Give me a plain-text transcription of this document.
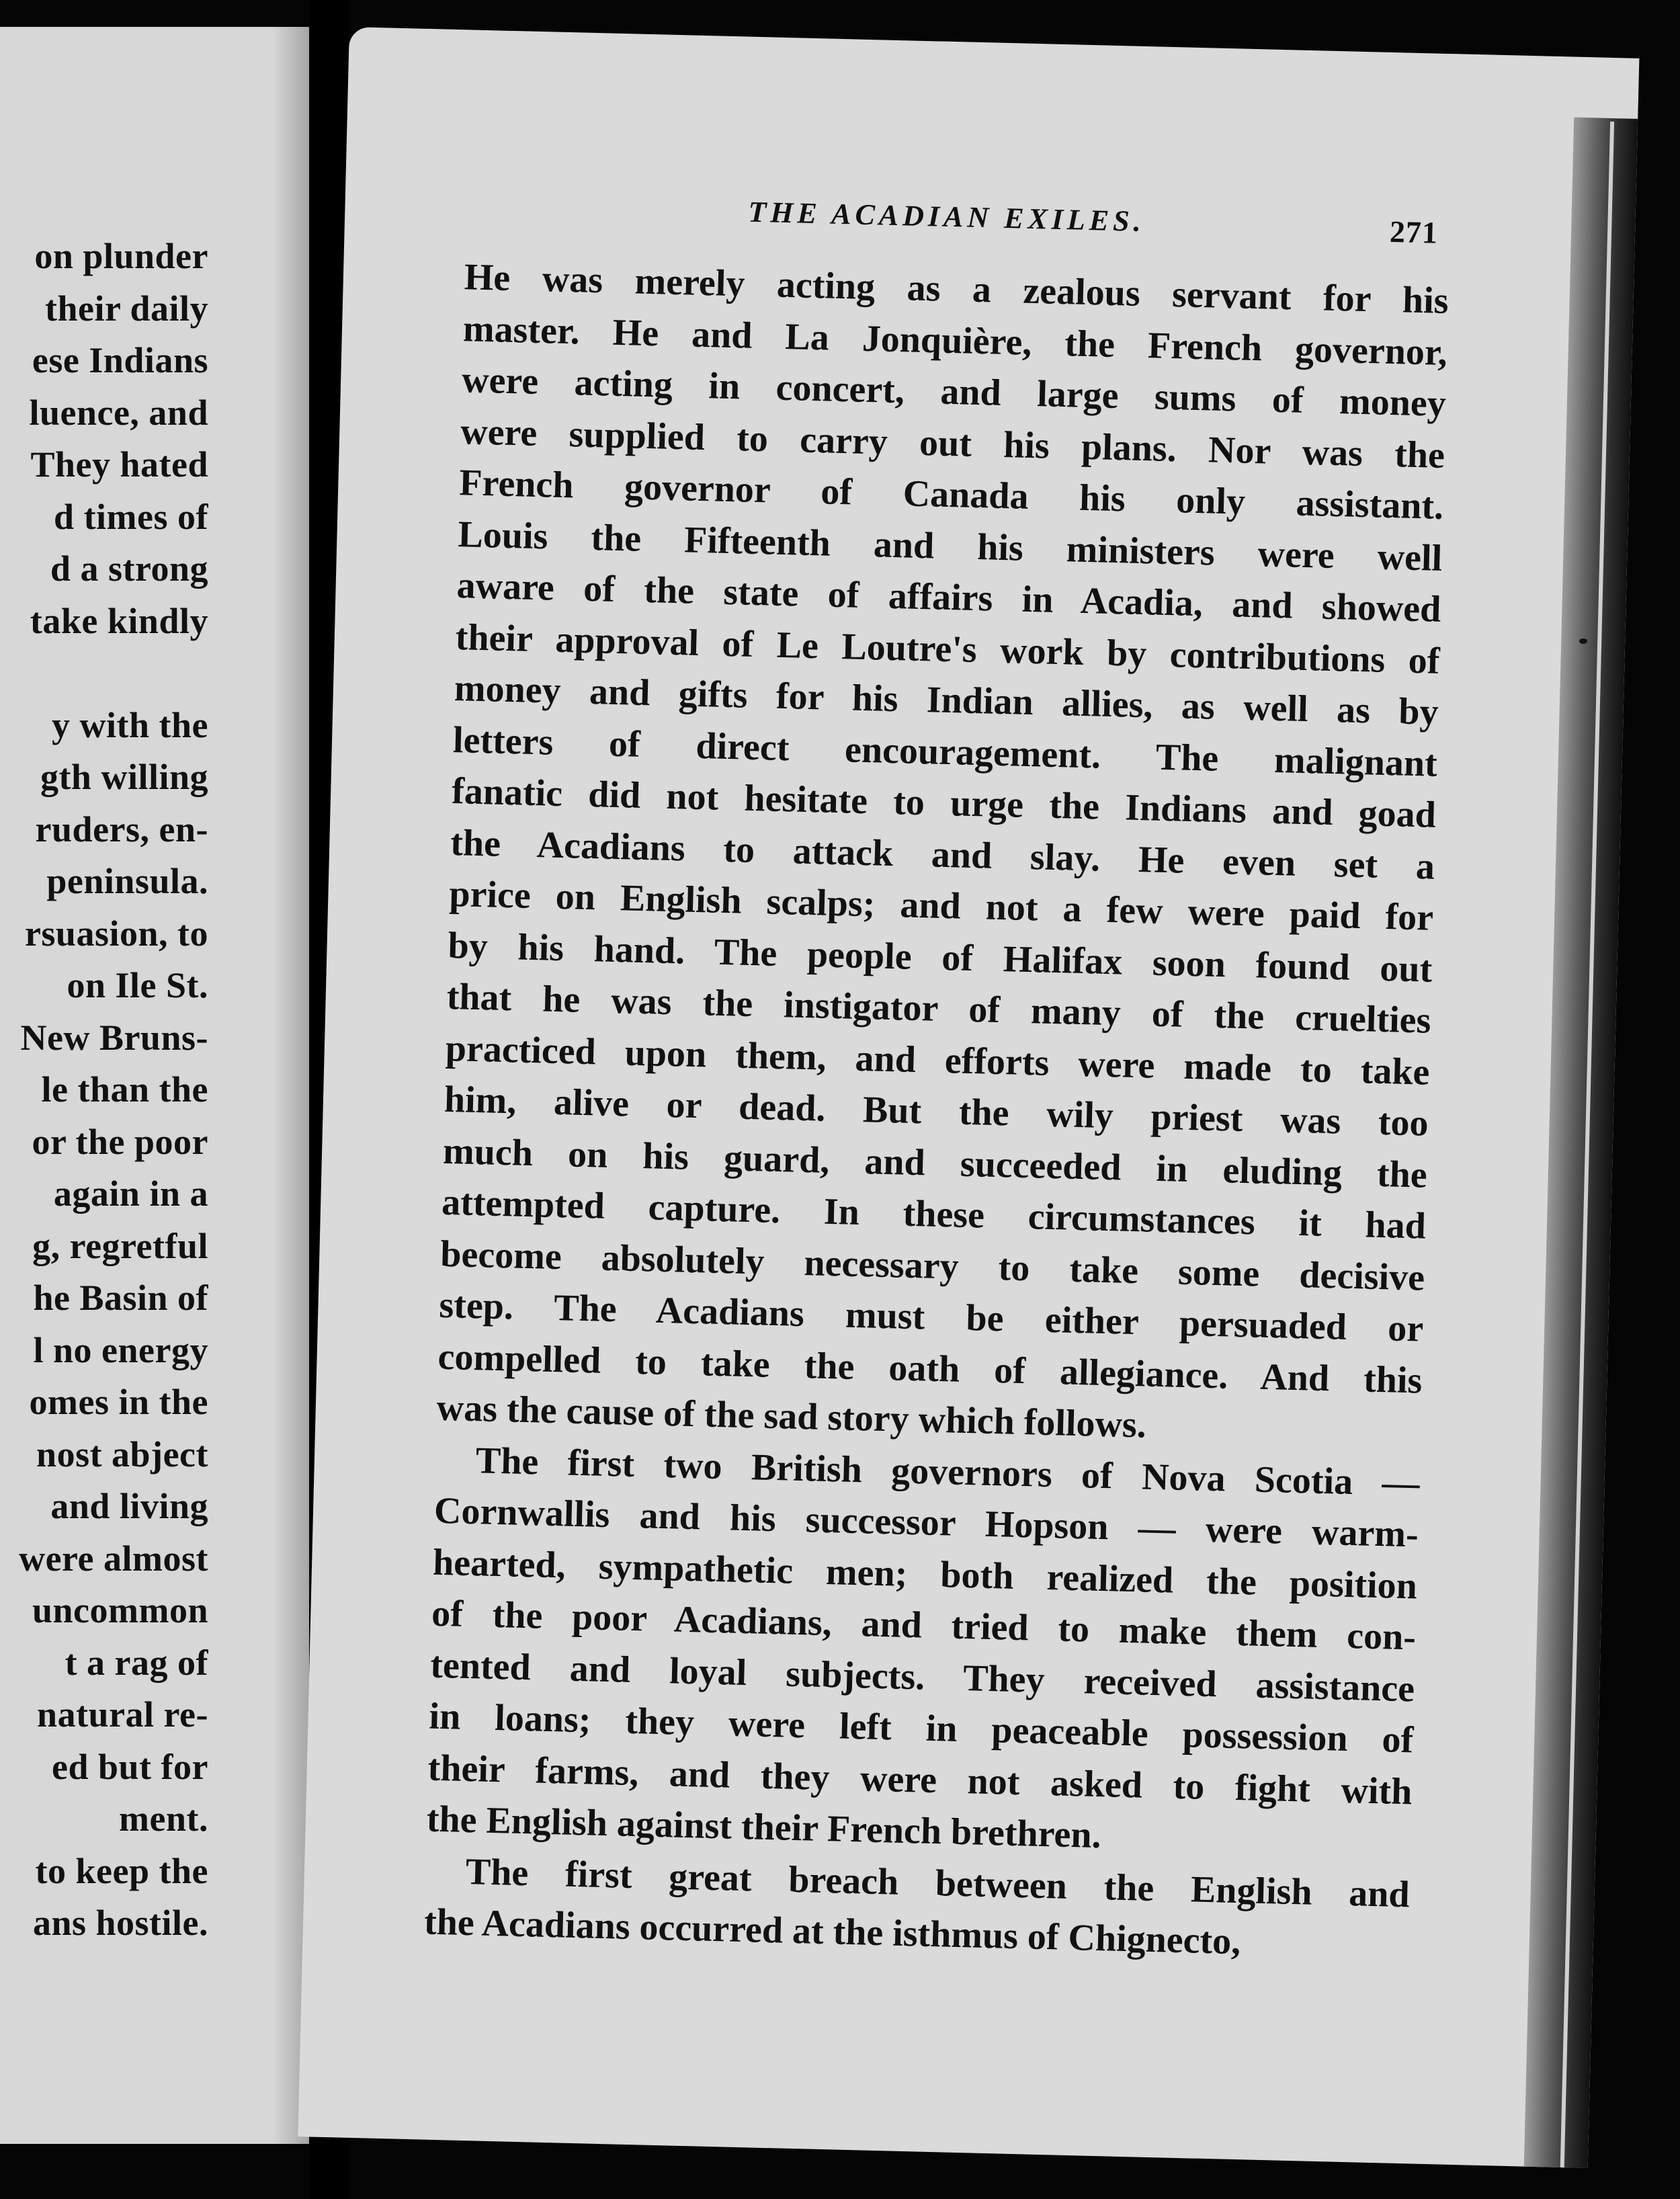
on plunder
their daily
ese Indians
luence, and
They hated
d times of
d a strong
take kindly
y with the
gth willing
ruders, en-
peninsula.
rsuasion, to
on Ile St.
New Bruns-
le than the
or the poor
again in a
g, regretful
he Basin of
l no energy
omes in the
nost abject
and living
were almost
uncommon
t a rag of
natural re-
ed but for
ment.
to keep the
ans hostile.
THE ACADIAN EXILES.	271
He was merely acting as a zealous servant for his
master. He and La Jonquière, the French governor,
were acting in concert, and large sums of money
were supplied to carry out his plans. Nor was the
French governor of Canada his only assistant.
Louis the Fifteenth and his ministers were well
aware of the state of affairs in Acadia, and showed
their approval of Le Loutre's work by contributions of
money and gifts for his Indian allies, as well as by
letters of direct encouragement. The malignant
fanatic did not hesitate to urge the Indians and goad
the Acadians to attack and slay. He even set a
price on English scalps; and not a few were paid for
by his hand. The people of Halifax soon found out
that he was the instigator of many of the cruelties
practiced upon them, and efforts were made to take
him, alive or dead. But the wily priest was too
much on his guard, and succeeded in eluding the
attempted capture. In these circumstances it had
become absolutely necessary to take some decisive
step. The Acadians must be either persuaded or
compelled to take the oath of allegiance. And this
was the cause of the sad story which follows.
The first two British governors of Nova Scotia —
Cornwallis and his successor Hopson — were warm-
hearted, sympathetic men; both realized the position
of the poor Acadians, and tried to make them con-
tented and loyal subjects. They received assistance
in loans; they were left in peaceable possession of
their farms, and they were not asked to fight with
the English against their French brethren.
The first great breach between the English and
the Acadians occurred at the isthmus of Chignecto,
